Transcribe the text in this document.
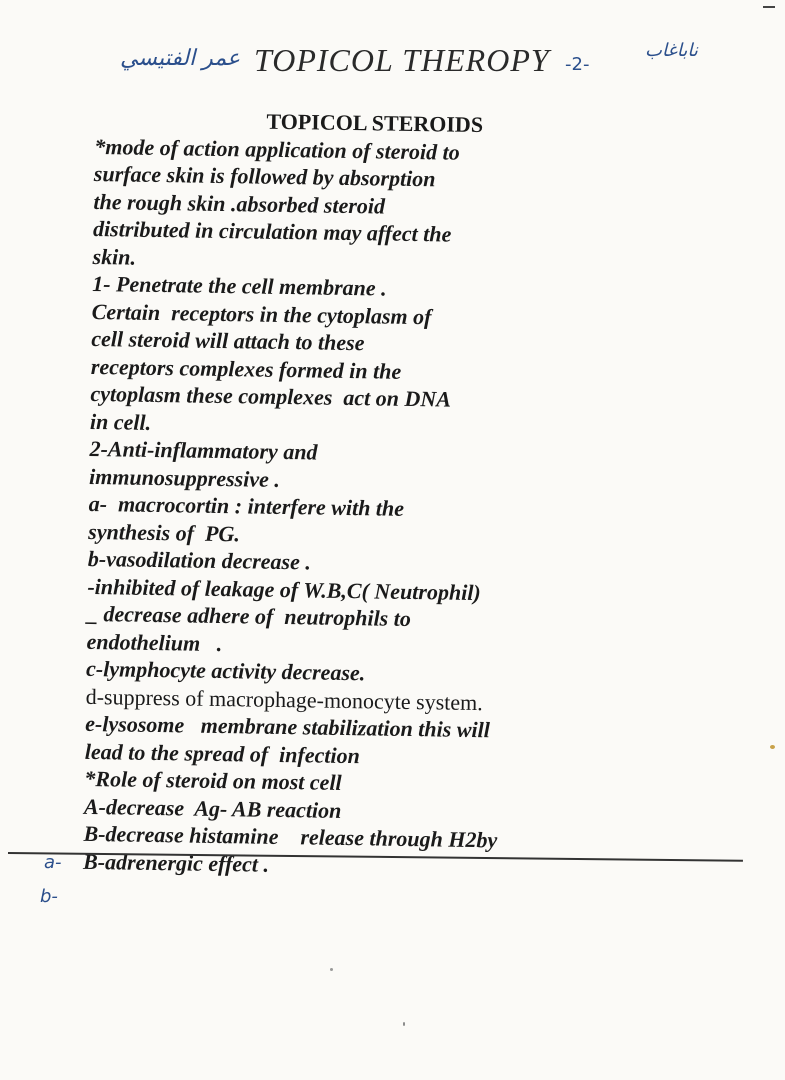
عمر الفتيسي TOPICOL THEROPY -2-
ناباغاب
TOPICOL STEROIDS
*mode of action application of steroid to
surface skin is followed by absorption
the rough skin .absorbed steroid
distributed in circulation may affect the
skin.
1- Penetrate the cell membrane .
Certain  receptors in the cytoplasm of
cell steroid will attach to these
receptors complexes formed in the
cytoplasm these complexes  act on DNA
in cell.
2-Anti-inflammatory and
immunosuppressive .
a-  macrocortin : interfere with the
synthesis of  PG.
b-vasodilation decrease .
-inhibited of leakage of W.B,C( Neutrophil)
_ decrease adhere of  neutrophils to
endothelium   .
c-lymphocyte activity decrease.
d-suppress of macrophage-monocyte system.
e-lysosome   membrane stabilization this will
lead to the spread of  infection
*Role of steroid on most cell
A-decrease  Ag- AB reaction
B-decrease histamine    release through H2by
B-adrenergic effect .
a-
b-
